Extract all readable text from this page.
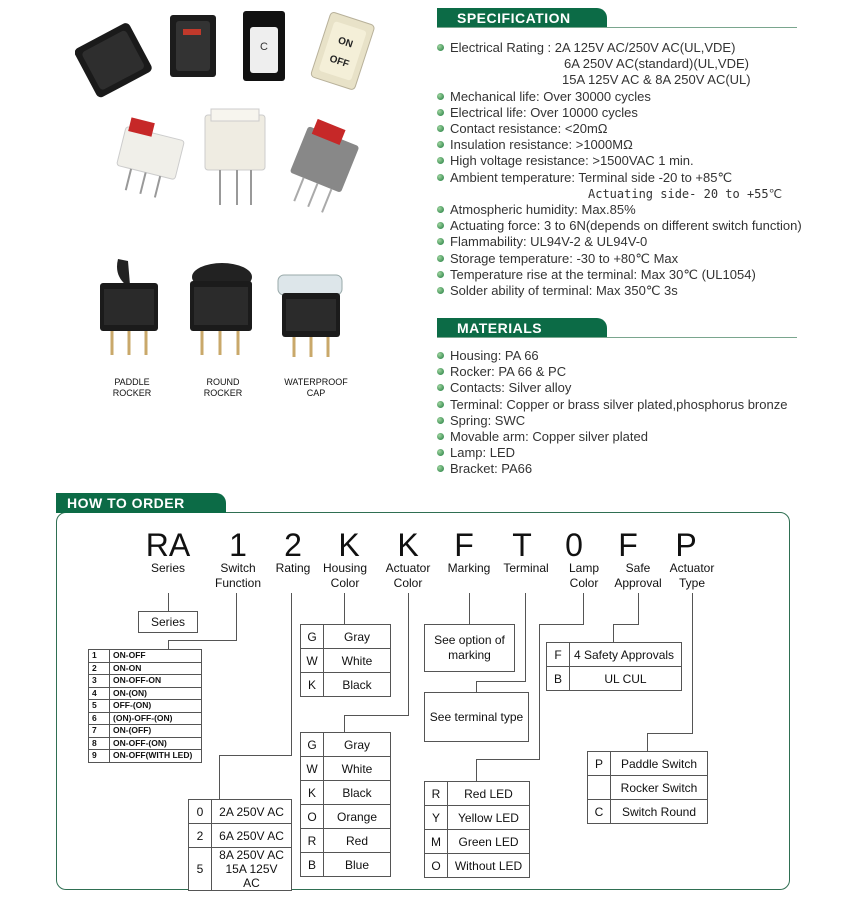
C	ON
OFF
PADDLE ROCKER
ROUND ROCKER
WATERPROOF CAP
SPECIFICATION
Electrical Rating : 2A 125V AC/250V AC(UL,VDE)
6A 250V AC(standard)(UL,VDE)
15A 125V AC & 8A 250V AC(UL)
Mechanical life: Over 30000 cycles
Electrical life: Over 10000 cycles
Contact resistance: <20mΩ
Insulation resistance: >1000MΩ
High voltage resistance: >1500VAC 1 min.
Ambient temperature: Terminal side -20 to +85℃
Actuating side- 20 to +55℃
Atmospheric humidity: Max.85%
Actuating force: 3 to 6N(depends on different switch function)
Flammability: UL94V-2 & UL94V-0
Storage temperature: -30 to +80℃ Max
Temperature rise at the terminal: Max 30℃ (UL1054)
Solder ability of terminal: Max 350℃ 3s
MATERIALS
Housing: PA 66
Rocker: PA 66 & PC
Contacts: Silver alloy
Terminal: Copper or brass silver plated,phosphorus bronze
Spring: SWC
Movable arm: Copper silver plated
Lamp: LED
Bracket: PA66
HOW TO ORDER
RA 1 2 K K F T 0 F P
Series	Switch Function
Rating	Housing Color
Actuator Color
Marking	Terminal	Lamp Color
Safe Approval
Actuator Type
Series
1	ON-OFF
2	ON-ON
3	ON-OFF-ON
4	ON-(ON)
5	OFF-(ON)
6	(ON)-OFF-(ON)
7	ON-(OFF)
8	ON-OFF-(ON)
9	ON-OFF(WITH LED)
0	2A 250V AC
2	6A 250V AC
5	8A 250V AC
15A 125V AC
G	Gray
W	White
K	Black
G	Gray
W	White
K	Black
O	Orange
R	Red
B	Blue
See option of marking
See terminal type
R	Red LED
Y	Yellow LED
M	Green LED
O	Without LED
F	4 Safety Approvals
B	UL CUL
P	Paddle Switch
	Rocker Switch
C	Switch Round
